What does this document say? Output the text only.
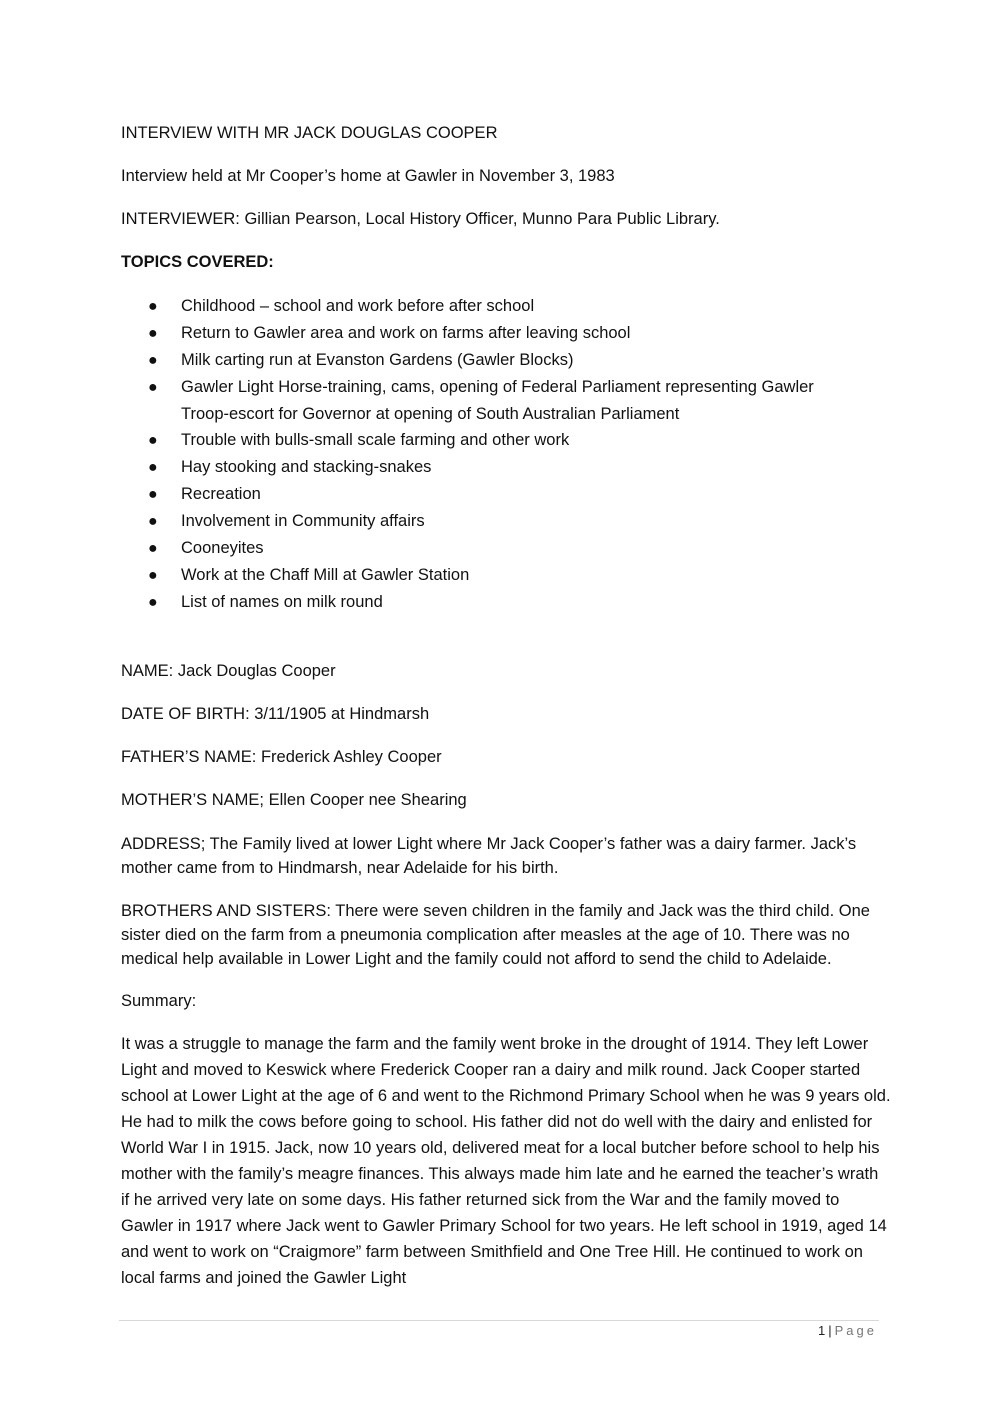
INTERVIEW WITH MR JACK DOUGLAS COOPER

Interview held at Mr Cooper’s home at Gawler in November 3, 1983

INTERVIEWER: Gillian Pearson, Local History Officer, Munno Para Public Library.

TOPICS COVERED:

● Childhood – school and work before after school
● Return to Gawler area and work on farms after leaving school
● Milk carting run at Evanston Gardens (Gawler Blocks)
● Gawler Light Horse-training, cams, opening of Federal Parliament representing Gawler
Troop-escort for Governor at opening of South Australian Parliament
● Trouble with bulls-small scale farming and other work
● Hay stooking and stacking-snakes
● Recreation
● Involvement in Community affairs
● Cooneyites
● Work at the Chaff Mill at Gawler Station
● List of names on milk round

NAME: Jack Douglas Cooper

DATE OF BIRTH: 3/11/1905 at Hindmarsh

FATHER’S NAME: Frederick Ashley Cooper

MOTHER’S NAME; Ellen Cooper nee Shearing

ADDRESS; The Family lived at lower Light where Mr Jack Cooper’s father was a dairy farmer. Jack’s mother came from to Hindmarsh, near Adelaide for his birth.

BROTHERS AND SISTERS: There were seven children in the family and Jack was the third child. One sister died on the farm from a pneumonia complication after measles at the age of 10. There was no medical help available in Lower Light and the family could not afford to send the child to Adelaide.

Summary:

It was a struggle to manage the farm and the family went broke in the drought of 1914. They left Lower Light and moved to Keswick where Frederick Cooper ran a dairy and milk round. Jack Cooper started school at Lower Light at the age of 6 and went to the Richmond Primary School when he was 9 years old. He had to milk the cows before going to school. His father did not do well with the dairy and enlisted for World War I in 1915. Jack, now 10 years old, delivered meat for a local butcher before school to help his mother with the family’s meagre finances. This always made him late and he earned the teacher’s wrath if he arrived very late on some days. His father returned sick from the War and the family moved to Gawler in 1917 where Jack went to Gawler Primary School for two years. He left school in 1919, aged 14 and went to work on “Craigmore” farm between Smithfield and One Tree Hill. He continued to work on local farms and joined the Gawler Light

1 | Page
